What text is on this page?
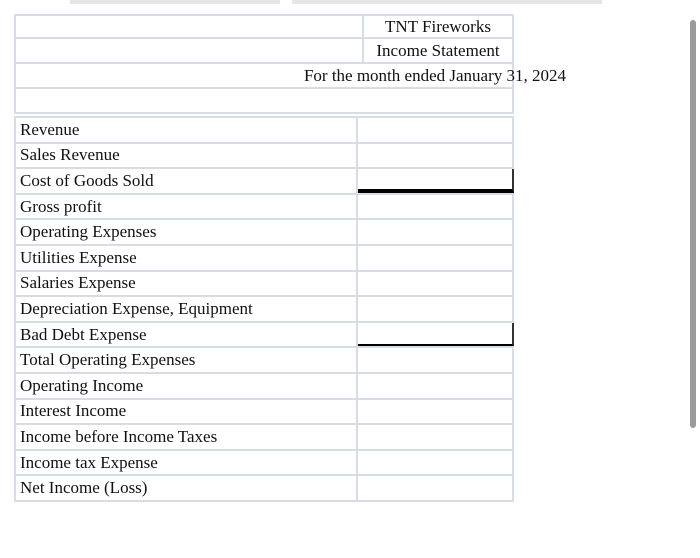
TNT Fireworks
Income Statement
For the month ended January 31, 2024
Revenue
Sales Revenue
Cost of Goods Sold
Gross profit
Operating Expenses
Utilities Expense
Salaries Expense
Depreciation Expense, Equipment
Bad Debt Expense
Total Operating Expenses
Operating Income
Interest Income
Income before Income Taxes
Income tax Expense
Net Income (Loss)
